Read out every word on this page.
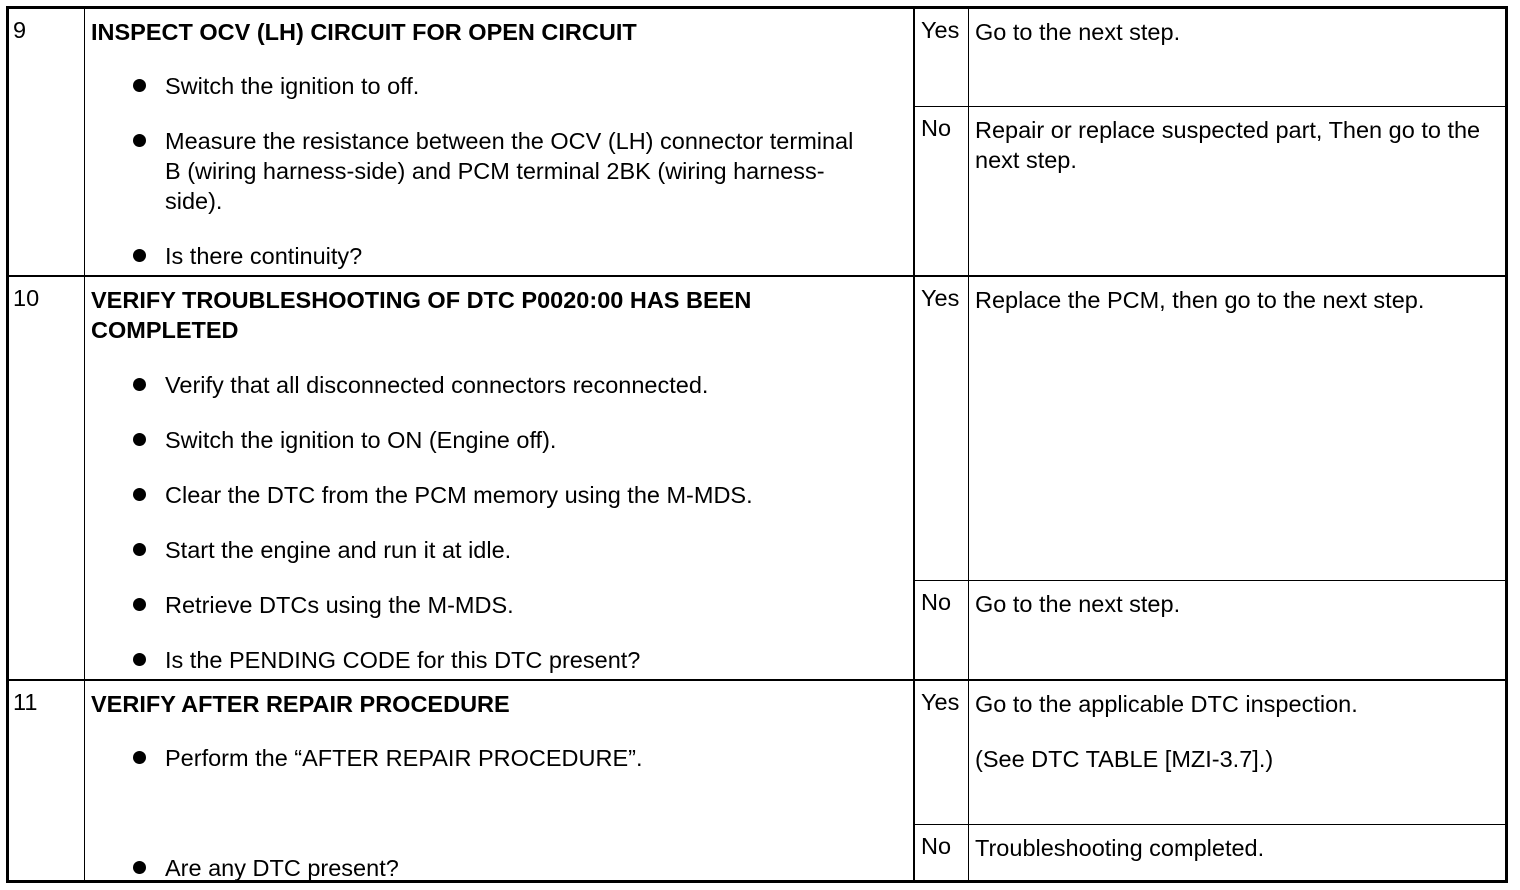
9	INSPECT OCV (LH) CIRCUIT FOR OPEN CIRCUIT
Switch the ignition to off.
Measure the resistance between the OCV (LH) connector terminal B (wiring harness-side) and PCM terminal 2BK (wiring harness-side).
Is there continuity?
Yes Go to the next step.

No Repair or replace suspected part, Then go to the next step.

10 VERIFY TROUBLESHOOTING OF DTC P0020:00 HAS BEEN COMPLETED
Verify that all disconnected connectors reconnected.
Switch the ignition to ON (Engine off).
Clear the DTC from the PCM memory using the M-MDS.
Start the engine and run it at idle.
Retrieve DTCs using the M-MDS.
Is the PENDING CODE for this DTC present?
Yes Replace the PCM, then go to the next step.

No Go to the next step.

11 VERIFY AFTER REPAIR PROCEDURE
Perform the “AFTER REPAIR PROCEDURE”.
Are any DTC present?
Yes Go to the applicable DTC inspection.

(See DTC TABLE [MZI-3.7].)

No Troubleshooting completed.
